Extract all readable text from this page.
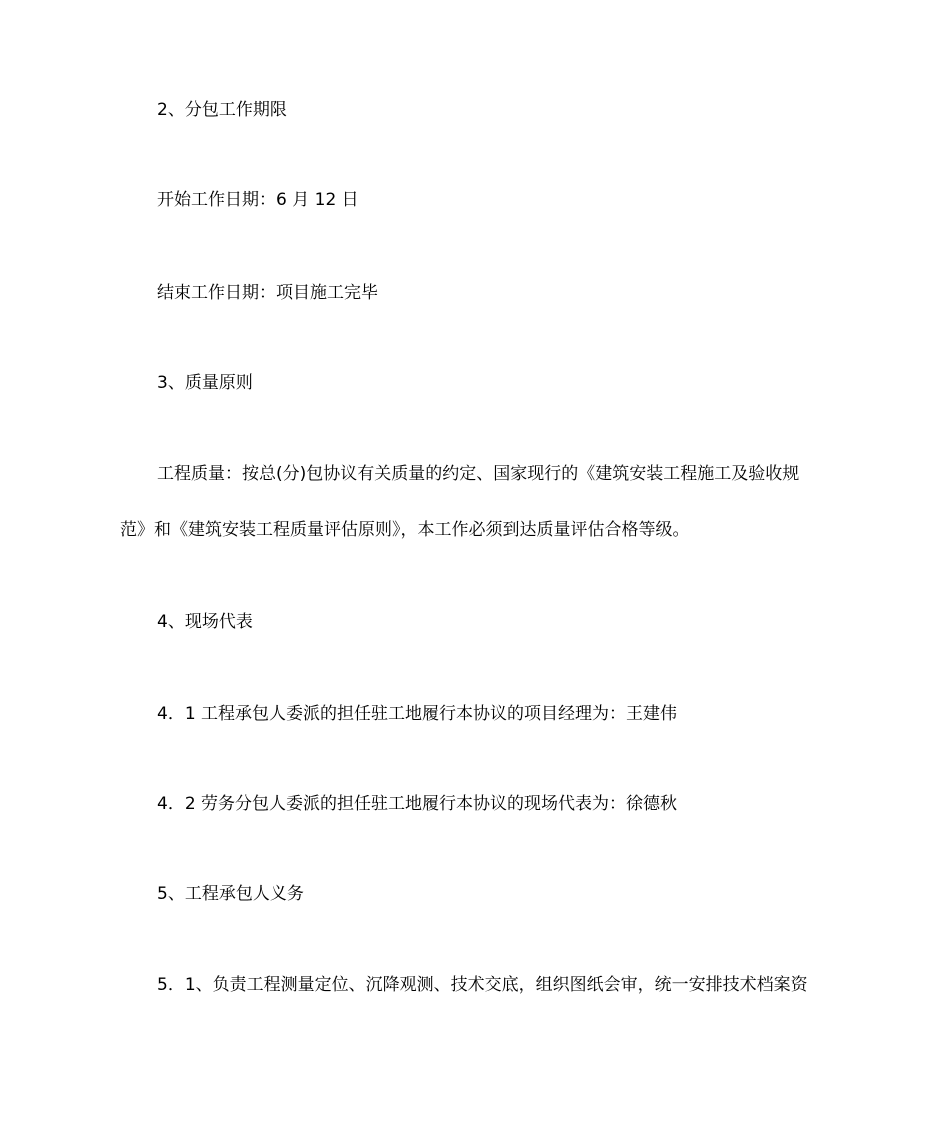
2、分包工作期限
开始工作日期：6 月 12 日
结束工作日期：项目施工完毕
3、质量原则
工程质量：按总(分)包协议有关质量的约定、国家现行的《建筑安装工程施工及验收规
范》和《建筑安装工程质量评估原则》，本工作必须到达质量评估合格等级。
4、现场代表
4．1 工程承包人委派的担任驻工地履行本协议的项目经理为：王建伟
4．2 劳务分包人委派的担任驻工地履行本协议的现场代表为：徐德秋
5、工程承包人义务
5．1、负责工程测量定位、沉降观测、技术交底，组织图纸会审，统一安排技术档案资
